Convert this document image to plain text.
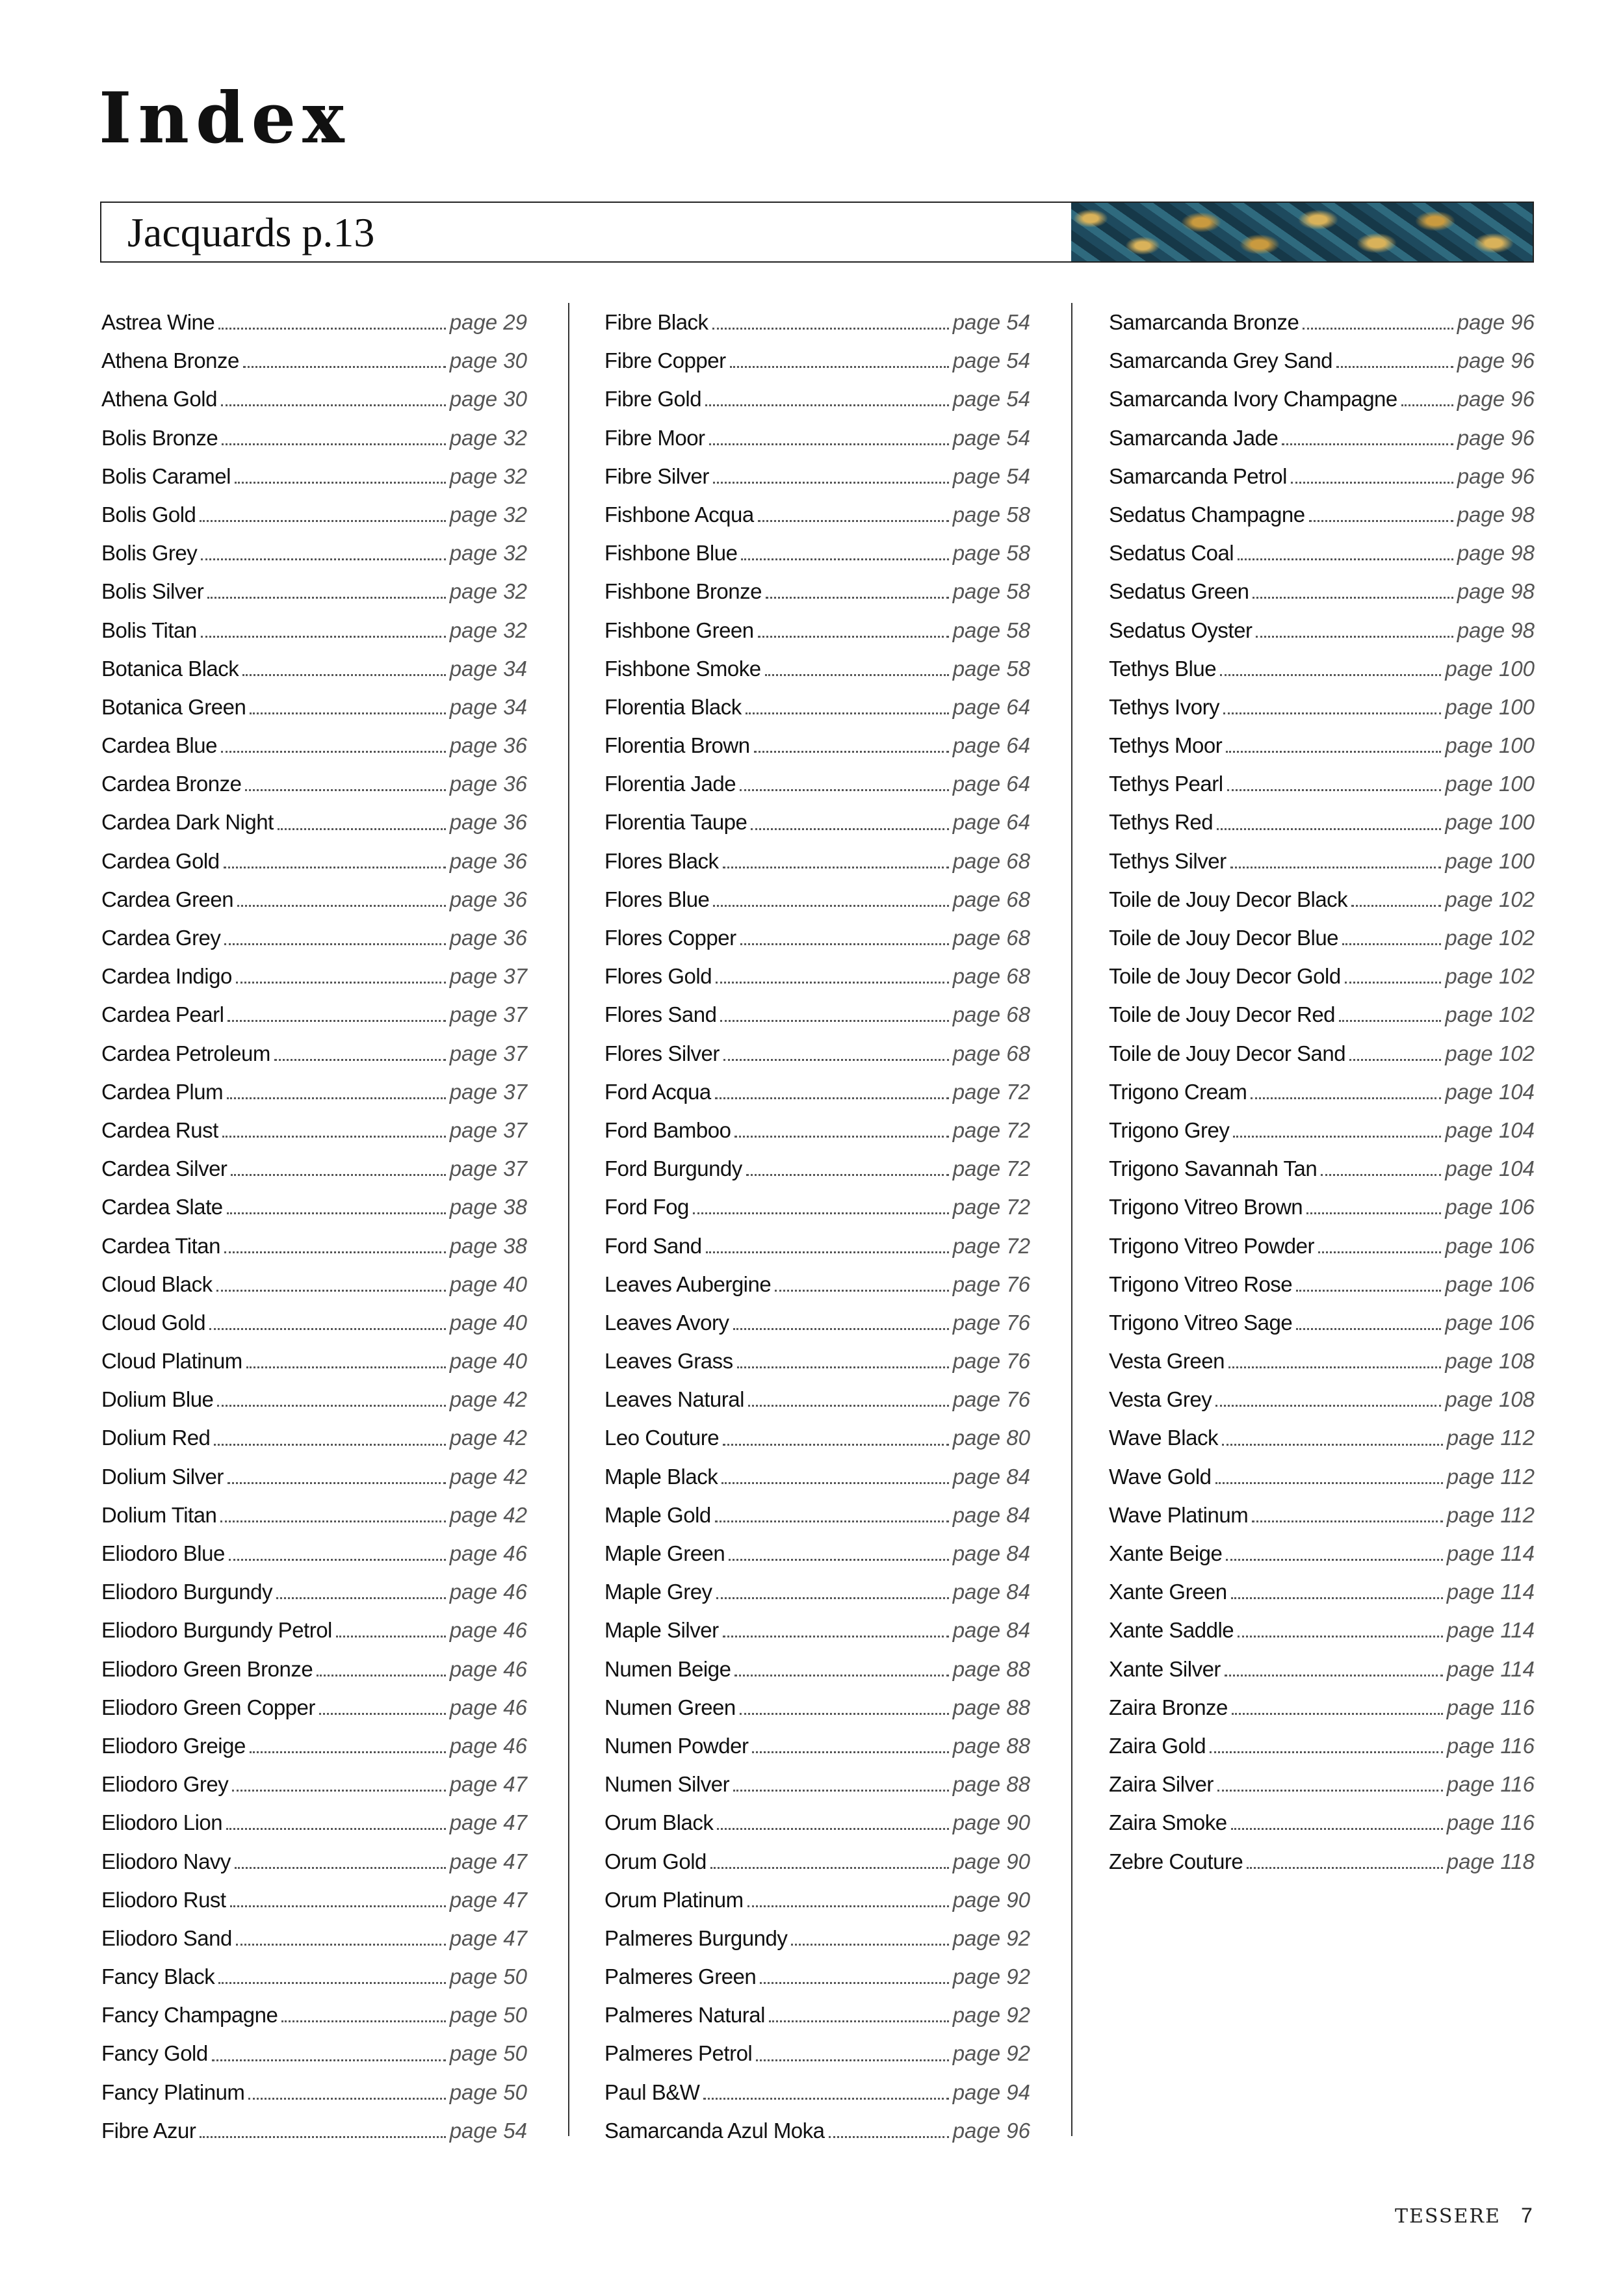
Index
Jacquards p.13
Astrea Wine	page 29
Athena Bronze	page 30
Athena Gold	page 30
Bolis Bronze	page 32
Bolis Caramel	page 32
Bolis Gold	page 32
Bolis Grey	page 32
Bolis Silver	page 32
Bolis Titan	page 32
Botanica Black	page 34
Botanica Green	page 34
Cardea Blue	page 36
Cardea Bronze	page 36
Cardea Dark Night	page 36
Cardea Gold	page 36
Cardea Green	page 36
Cardea Grey	page 36
Cardea Indigo	page 37
Cardea Pearl	page 37
Cardea Petroleum	page 37
Cardea Plum	page 37
Cardea Rust	page 37
Cardea Silver	page 37
Cardea Slate	page 38
Cardea Titan	page 38
Cloud Black	page 40
Cloud Gold	page 40
Cloud Platinum	page 40
Dolium Blue	page 42
Dolium Red	page 42
Dolium Silver	page 42
Dolium Titan	page 42
Eliodoro Blue	page 46
Eliodoro Burgundy	page 46
Eliodoro Burgundy Petrol	page 46
Eliodoro Green Bronze	page 46
Eliodoro Green Copper	page 46
Eliodoro Greige	page 46
Eliodoro Grey	page 47
Eliodoro Lion	page 47
Eliodoro Navy	page 47
Eliodoro Rust	page 47
Eliodoro Sand	page 47
Fancy Black	page 50
Fancy Champagne	page 50
Fancy Gold	page 50
Fancy Platinum	page 50
Fibre Azur	page 54
Fibre Black	page 54
Fibre Copper	page 54
Fibre Gold	page 54
Fibre Moor	page 54
Fibre Silver	page 54
Fishbone Acqua	page 58
Fishbone Blue	page 58
Fishbone Bronze	page 58
Fishbone Green	page 58
Fishbone Smoke	page 58
Florentia Black	page 64
Florentia Brown	page 64
Florentia Jade	page 64
Florentia Taupe	page 64
Flores Black	page 68
Flores Blue	page 68
Flores Copper	page 68
Flores Gold	page 68
Flores Sand	page 68
Flores Silver	page 68
Ford Acqua	page 72
Ford Bamboo	page 72
Ford Burgundy	page 72
Ford Fog	page 72
Ford Sand	page 72
Leaves Aubergine	page 76
Leaves Avory	page 76
Leaves Grass	page 76
Leaves Natural	page 76
Leo Couture	page 80
Maple Black	page 84
Maple Gold	page 84
Maple Green	page 84
Maple Grey	page 84
Maple Silver	page 84
Numen Beige	page 88
Numen Green	page 88
Numen Powder	page 88
Numen Silver	page 88
Orum Black	page 90
Orum Gold	page 90
Orum Platinum	page 90
Palmeres Burgundy	page 92
Palmeres Green	page 92
Palmeres Natural	page 92
Palmeres Petrol	page 92
Paul B&W	page 94
Samarcanda Azul Moka	page 96
Samarcanda Bronze	page 96
Samarcanda Grey Sand	page 96
Samarcanda Ivory Champagne	page 96
Samarcanda Jade	page 96
Samarcanda Petrol	page 96
Sedatus Champagne	page 98
Sedatus Coal	page 98
Sedatus Green	page 98
Sedatus Oyster	page 98
Tethys Blue	page 100
Tethys Ivory	page 100
Tethys Moor	page 100
Tethys Pearl	page 100
Tethys Red	page 100
Tethys Silver	page 100
Toile de Jouy Decor Black	page 102
Toile de Jouy Decor Blue	page 102
Toile de Jouy Decor Gold	page 102
Toile de Jouy Decor Red	page 102
Toile de Jouy Decor Sand	page 102
Trigono Cream	page 104
Trigono Grey	page 104
Trigono Savannah Tan	page 104
Trigono Vitreo Brown	page 106
Trigono Vitreo Powder	page 106
Trigono Vitreo Rose	page 106
Trigono Vitreo Sage	page 106
Vesta Green	page 108
Vesta Grey	page 108
Wave Black	page 112
Wave Gold	page 112
Wave Platinum	page 112
Xante Beige	page 114
Xante Green	page 114
Xante Saddle	page 114
Xante Silver	page 114
Zaira Bronze	page 116
Zaira Gold	page 116
Zaira Silver	page 116
Zaira Smoke	page 116
Zebre Couture	page 118
TESSERE 7
